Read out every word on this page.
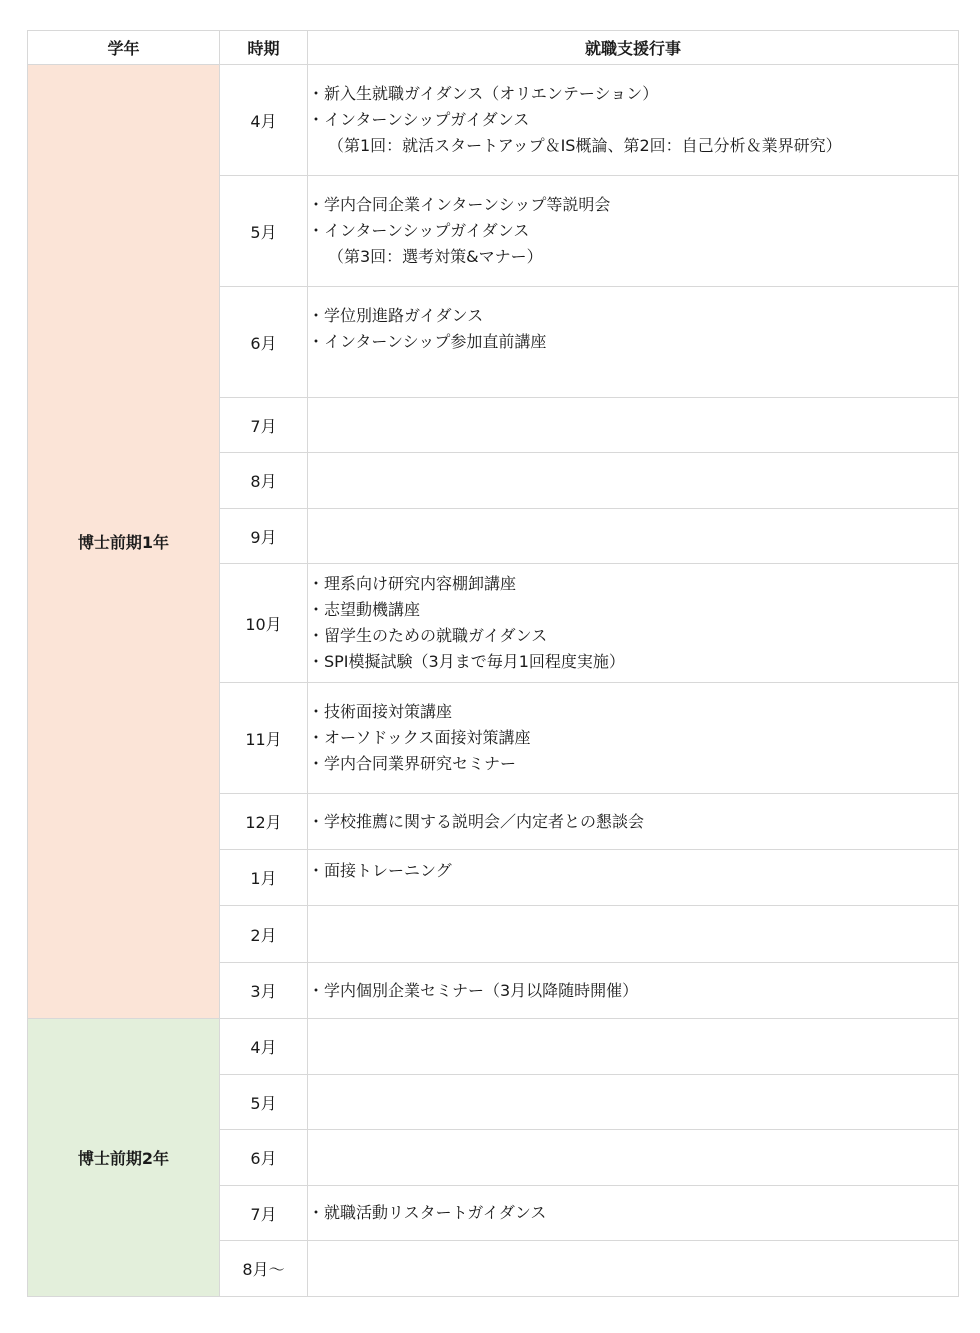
学年	時期	就職支援行事
博士前期1年	4月	・新入生就職ガイダンス（オリエンテーション）
・インターンシップガイダンス
（第1回：就活スタートアップ＆IS概論、第2回：自己分析＆業界研究）

	5月	・学内合同企業インターンシップ等説明会
・インターンシップガイダンス
（第3回：選考対策&マナー）

	6月	・学位別進路ガイダンス
・インターンシップ参加直前講座

	7月	
	8月	
	9月	
	10月	・理系向け研究内容棚卸講座
・志望動機講座
・留学生のための就職ガイダンス
・SPI模擬試験（3月まで毎月1回程度実施）

	11月	・技術面接対策講座
・オーソドックス面接対策講座
・学内合同業界研究セミナー

	12月	・学校推薦に関する説明会／内定者との懇談会

	1月	・面接トレーニング

	2月	
	3月	・学内個別企業セミナー（3月以降随時開催）

博士前期2年	4月	
	5月	
	6月	
	7月	・就職活動リスタートガイダンス

	8月～	
